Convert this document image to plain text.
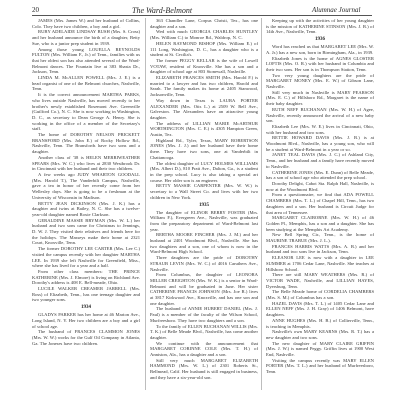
20	The Ward-Belmont	Alumnae Journal

JAMES (Mrs. James W.) and her husband of Collins, Colo. They have two children, a boy and a girl.

RUBY ADELAIDE LINDSAY BUSH (Mrs. S. Cross) and her husband announce the birth of a daughter, Betty Sue, who is a junior prep student in 1939.

Among those young LOUELLA REYNOLDS FULTON (Mrs. William F., Jr.) of Tenn., families with us that her oldest son has also attended several of the Ward-Belmont dances. The Fountain live at 383 Shasta Dr., Jackson, Tenn.

LINDA M. McALLEN POWELL (Mrs. J. E.) is a head organist of one of the Belmont churches, Nashville, Tenn.

It is the correct announcement MARTHA PARKS, who lives outside Nashville, has moved recently to her brother's newly established Rosemont Ave. Greenville (Guilford Co.), N. C. She is now working in Washington, D. C., as secretary to Dean George A. Henry. She is working in the office of a member of the Secretary's staff.

The home of DOROTHY NELSON PRICKETT BRANSFORD (Mrs. John E.) of Rocky Hollow Rd., Nashville, Tenn. The Bransfords have two sons and a daughter.

Another class of '38 is HELEN MERRIWEATHER SPEARS (Mrs. W. C.) who lives at 2830 Westbrook Dr. in Cincinnati with her husband and their two children.

A few weeks ago JUDY WHARTON GOODALL (Mrs. Harold T.), The Vanderbilt Campus, Nashville, gave a tea in honor of her recently come from her Wellesley days. She is going to be a freshman at the University of Wisconsin in Madison.

BETTY JEAN DICKINSON (Mrs. J. K.) has a daughter and twins at Bailey, N. C. She has a twelve-year-old daughter named Roxie Clarkson.

GERALDINE MASSIE BRYMAN (Mrs. W. L.) her husband and two sons came for Christmas to Jennings, D. W. J. They visited their relatives and friends here for the holidays. The Masseys make their home at 2321 Court, Knoxville, Tenn.

The former DOROTHY LEE CARTER (Mrs. Lee C.) visited the campus recently with her daughter MARTHA LEE. In 1939 she left Nashville for Greenfield, Miss., where she has lived for a year and a half.

From other class members: THE PRINCE KATHERINE (Mrs. J. Elmore) is living on Richland Ave. Dorothy's address is 408 E. Bell-meade, Ohio.

LUCILE WALKER CREAMER JARRELL (Mrs. Ross) of Elizabeth, Tenn., has one teenage daughter and two younger sons.

1934

GLADYS PARKER has her home at 46 Marion Ave., Long Island, N. Y. Her two children are a boy and a girl of school age.

The husband of FRANCES CLAMMON JONES (Mrs. W. W.) works for the Gulf Oil Company in Atlanta, Ga. The Joneses have two children.

363 Chandler Lane, Corpus Christi, Tex., has one daughter and a son.

Wed with much GEORGIA CHARLES HUNTLEY (Mrs. William C.) to Monroe Rd., Waldrop, N. C.

HELEN RAYMOND BISHOP (Mrs. William E.) of 111 Long, Washington, D. C., has a daughter who is a student at St. Cecilia's.

The former PEGGY KELLAR is the wife of Lowell VOTAW, resident of Knoxville. She has a son and a daughter of school age at 803 Stonewall, Nashville.

ELIZABETH FRANCES SMITH (Mrs. Harold F.) is married to a lawyer and has two children, Harold and Sarah. The family makes its home at 2405 Stanwood, Jacksonville, Tenn.

Way down in Texas is LAURA PORTER ALEXANDER (Mrs. Otis L.) at 2509 W. Bell Ave., Galveston. The Alexanders have an attractive young daughter.

The address of LILLIAN MARIE McARTHUR WORTHINGTON (Mrs. C. E.) is 4305 Hampton Green, Austin, Tex.

Highland Rd., Tyler, Texas, MARY ROBERTSON JONES (Mrs. J. J.) and her husband have their home there. They have two sons, one at Vanderbilt in Chattanooga.

The oldest daughter of LUCY HOLMES WILLIAMS (Mrs. Albert D.), 810 Pratt Ave., Dalton, Ga., is a student in the prep school. Lucy is also taking a special art course. Her older son is an engineer.

BETTY MASSIE CARPENTER (Mrs. W. W.) is secretary to a Wall Street Co. and lives with her two children in New York.

1935

The daughter of ELINOR BERRY FOSTER (Mrs. William F.), Evergreen Ave., Nashville, was graduated from the preparatory department of Ward-Belmont last year.

BERTHA MOORE FINCHER (Mrs. J. M.) and her husband at 2401 Woodmont Blvd., Nashville. She has two daughters and a son, one of whom is now in the Ward-Belmont High School.

Three daughters are the pride of DOROTHY STRAUB LEVIN (Mrs. W. C.) of 4016 Caruthers Ave., Nashville.

From Columbus, the daughter of LEONORA MILLER CREIGHTON (Mrs. W. K.) is a senior in Ward-Belmont and will be graduated in June. Her sister CATHERINE FRANCIS JOHNSON (Mrs. Joe R.) lives at 3817 Kirkwood Ave., Knoxville, and has one son and one daughter.

The husband of ANNIE HUBERT DANIEL (Mrs. J. Paul) is a member of the faculty of the Wilson School, Murfreesboro. They have two daughters and a son.

To the family of ELLEN BUCHANAN WILLIS (Mrs. T. K.) of Belle Meade Blvd., Nashville, has come another daughter.

We continue with the announcement that MARGARET CORINNE COLE (Mrs. T. H.) of Anniston, Ala., has a daughter and a son.

Still very much MARGARET ELIZABETH HAMMOND (Mrs. W. L.) of 2301 Roberts St., Bellmead, Calif. Her husband is still engaged in business, and they have a six-year-old son.

Keeping up with the activities of her young daughter is the mission of KATHERINE STINSON (Mrs. J. B.) of 14th Ave., Nashville, Tenn.

1936

Word has reached us that MARGARET LEE (Mrs. W. A. Jr.) has a new son, born in Birmingham, Ala., in 1939.

Elizabeth Jones is the home of AGNES GLOSTER LOFTIS (Mrs. O. R.) with her husband in Columbia and their two sons. Her son is in Thompson Station, Tenn.

Two very young daughters are the pride of MARGARET MONEY (Mrs. E. W.) of Gibson Lane, Nashville.

Still very much in Nashville is MARY PEARSON (Mrs. E. C.) of Hillsboro Rd., Margaret is the name of their baby daughter.

RUTH NEFF BUCHANAN (Mrs. W. H.) of Agee, Nashville, recently announced the arrival of a new baby son.

Elizabeth Lee (Mrs. W. E.) lives in Cincinnati, Ohio, with her husband and two sons.

BETTIE HOWARD DAVIS (Mrs. J. B.) is at Woodmont Blvd., Nashville, has a young son, who will be a student at Ward-Belmont in a year or so.

JANET TEAL DAVIS (Mrs. J. C.) of Ashland City, Tenn., and her husband and a family have recently moved to Nashville.

CATHERINE JONES (Mrs. E. Dunn) of Belle Meade, has a son of school age who attended the prep school.

Dorothy Delight, Cabot Sta. Ralph Hall, Nashville, is now at the Woodmont Blvd.

From a questionnaire, we find that ADA POWELL CHAMBERS (Mrs. T. L.) of Chapel Hill, Tenn., has two daughters and a son. Her husband is Circuit Judge for that area of Tennessee.

MARGARET CLAIBORNE (Mrs. W. H.) of 46 Golden Pl., Memphis, has a son and a daughter. She has been studying at the Memphis Art Academy.

New Bell Spring Cir., Tenn., is the home of MAURINE TRABUE (Mrs. J. L.).

FRANCES HARRIS WATTS (Mrs. A. B.) and her husband and two sons live in Jackson, Tenn.

ELEANOR LEE is now with a daughter in LEE SUMMER at 1706 Cedar Lane, Nashville. She teaches at Hillsboro School.

There are still MARY WEATHERS (Mrs. R.) of VICTOR WADE, Nashville, and LILLIAN HAYES, Dyersburg, Tenn.

The Belle Meade home of CORDELIA CHAMBERS (Mrs. S. M.) of Columbus has a son.

HAZEL DAVIS (Mrs. T. L.) of 1405 Cedar Lane and ELLEN NEFF (Mrs. J. H. Gray) of 1406 Belmont, have daughters.

ANNE HUGHES (Mrs. H. B.) of Collierville, Tenn., is teaching in Memphis.

Nashville's own MARY KEARNS (Mrs. R. T.) has a new daughter and two sons.

The new daughter of MARY CLAIRE GRIFFIN (Mrs. J. W.) is named Peggy. Griffin lives at 1900 West End, Nashville.

Visiting the campus recently was MARY ELLEN PORTER (Mrs. T. L.) and her husband of Murfreesboro, Tenn.
